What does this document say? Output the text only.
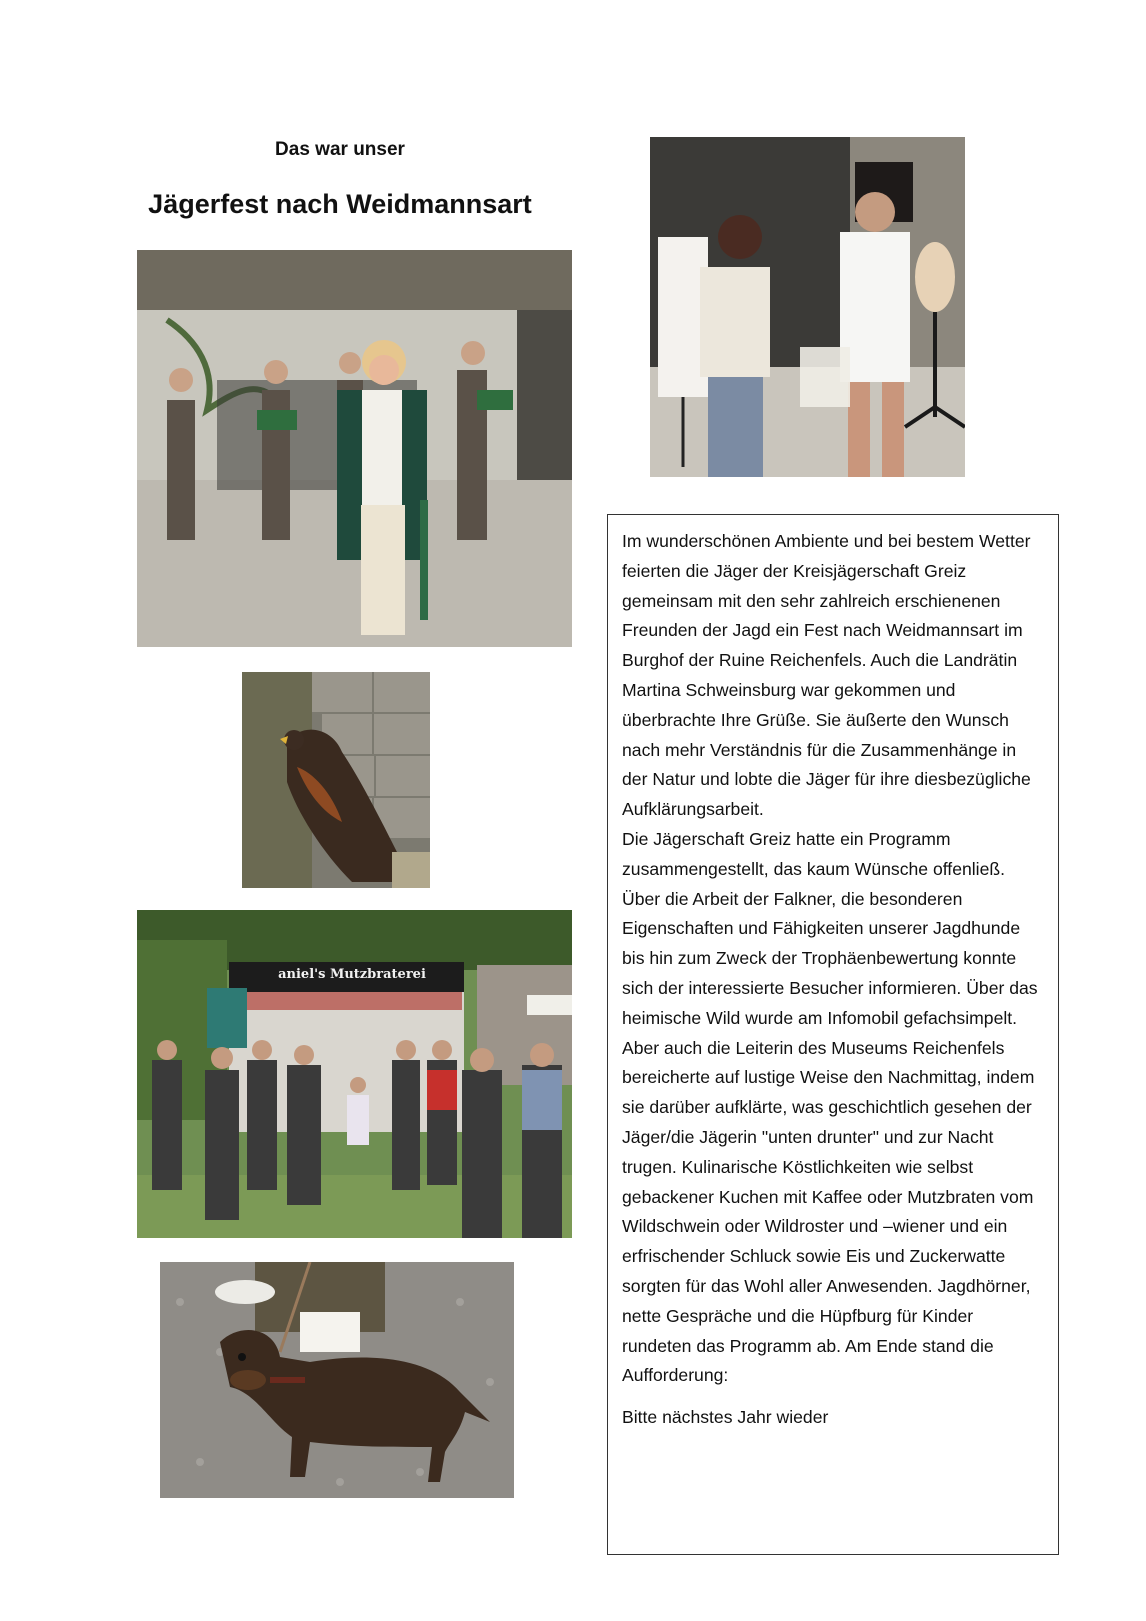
Das war unser
Jägerfest nach Weidmannsart
aniel's Mutzbraterei

Im wunderschönen Ambiente und bei bestem Wetter feierten die Jäger der Kreisjägerschaft Greiz gemeinsam mit den sehr zahlreich erschienenen Freunden der Jagd ein Fest nach Weidmannsart im Burghof der Ruine Reichenfels. Auch die Landrätin Martina Schweinsburg war gekommen und überbrachte Ihre Grüße. Sie äußerte den Wunsch nach mehr Verständnis für die Zusammenhänge in der Natur und lobte die Jäger für ihre diesbezügliche Aufklärungsarbeit.

Die Jägerschaft Greiz hatte ein Programm zusammengestellt, das kaum Wünsche offenließ. Über die Arbeit der Falkner, die besonderen Eigenschaften und Fähigkeiten unserer Jagdhunde bis hin zum Zweck der Trophäenbewertung konnte sich der interessierte Besucher informieren. Über das heimische Wild wurde am Infomobil gefachsimpelt.

Aber auch die Leiterin des Museums Reichenfels bereicherte auf lustige Weise den Nachmittag, indem sie darüber aufklärte, was geschichtlich gesehen der Jäger/die Jägerin "unten drunter" und zur Nacht trugen. Kulinarische Köstlichkeiten wie selbst gebackener Kuchen mit Kaffee oder Mutzbraten vom Wildschwein oder Wildroster und –wiener und ein erfrischender Schluck sowie Eis und Zuckerwatte sorgten für das Wohl aller Anwesenden. Jagdhörner, nette Gespräche und die Hüpfburg für Kinder rundeten das Programm ab. Am Ende stand die Aufforderung:

Bitte nächstes Jahr wieder
